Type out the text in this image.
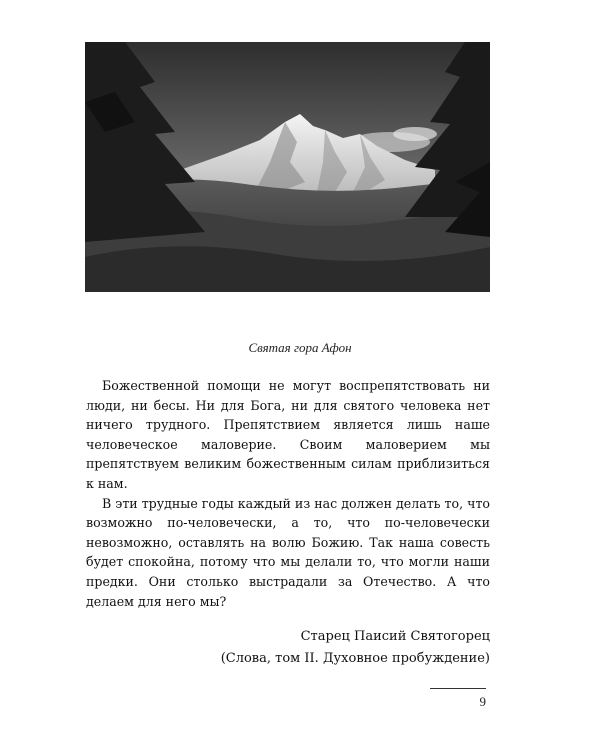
Святая гора Афон

Божественной помощи не могут воспрепятствовать ни люди, ни бесы. Ни для Бога, ни для святого человека нет ничего трудного. Препятствием является лишь наше человеческое маловерие. Своим маловерием мы препятствуем великим божественным силам приблизиться к нам.

В эти трудные годы каждый из нас должен делать то, что возможно по-человечески, а то, что по-человечески невозможно, оставлять на волю Божию. Так наша совесть будет спокойна, потому что мы делали то, что могли наши предки. Они столько выстрадали за Отечество. А что делаем для него мы?

Старец Паисий Святогорец
(Слова, том II. Духовное пробуждение)
9
